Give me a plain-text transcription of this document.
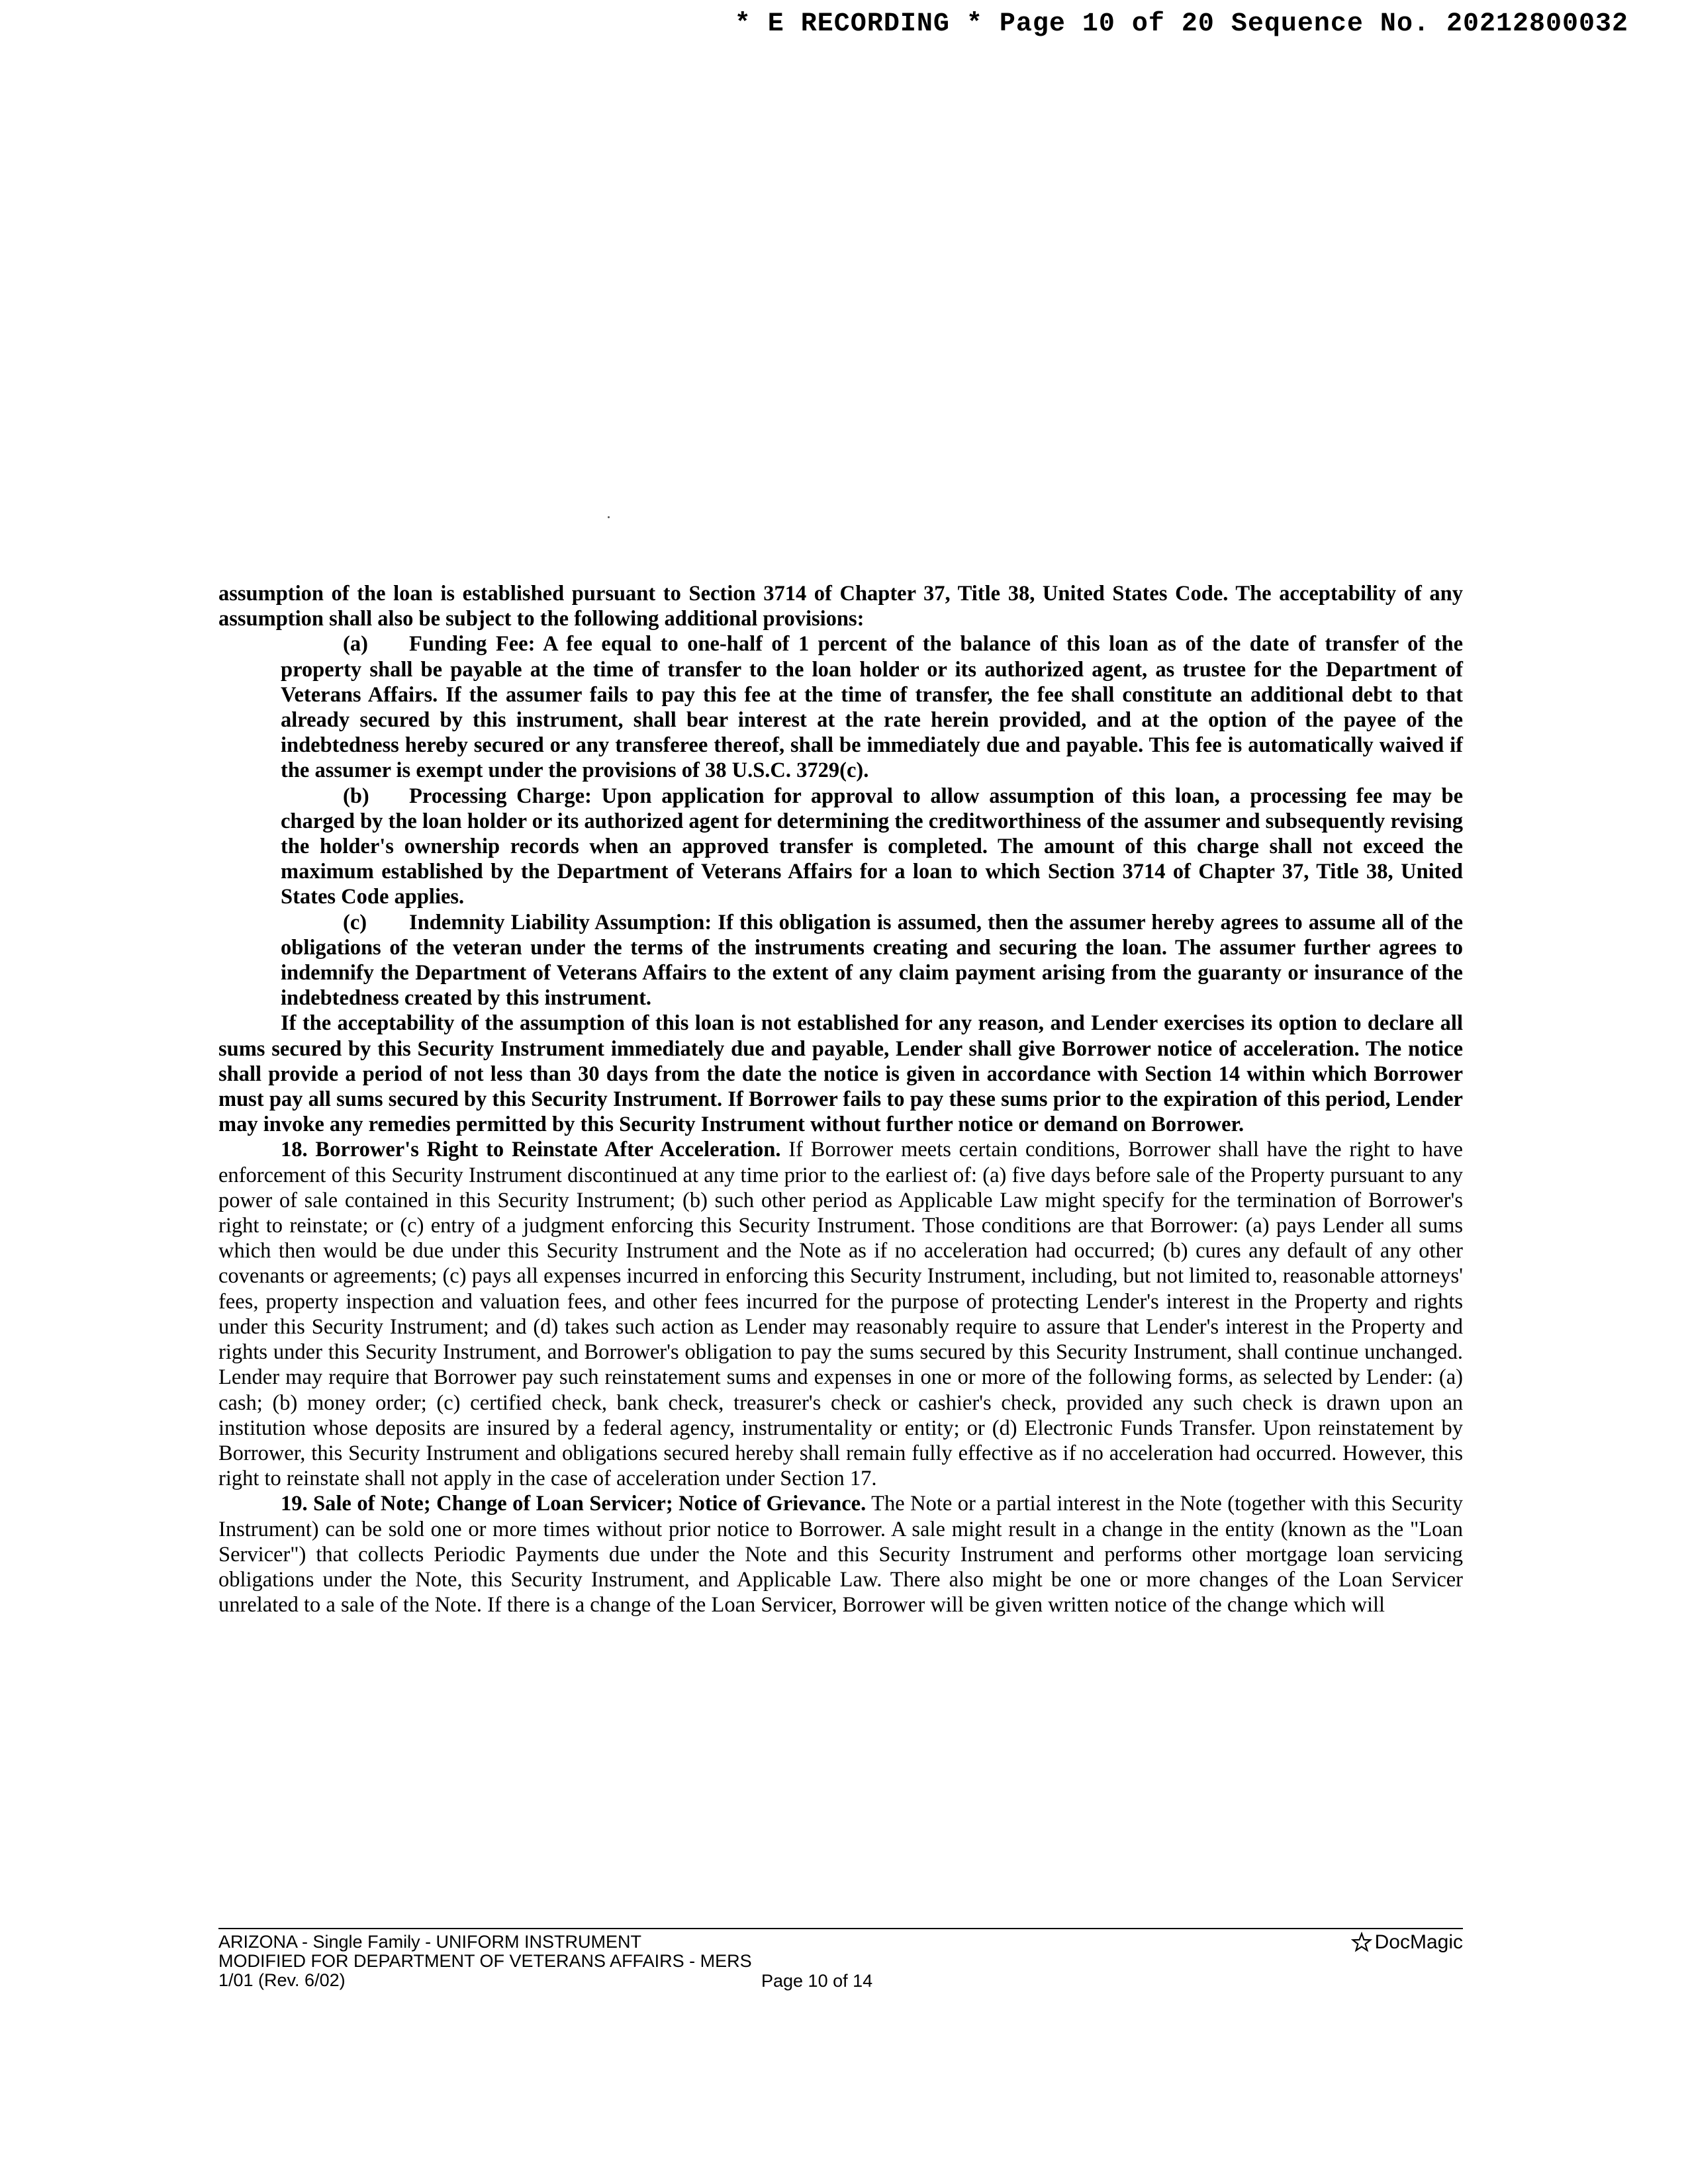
* E RECORDING * Page 10 of 20 Sequence No. 20212800032

assumption of the loan is established pursuant to Section 3714 of Chapter 37, Title 38, United States Code. The acceptability of any assumption shall also be subject to the following additional provisions:

(a) Funding Fee: A fee equal to one-half of 1 percent of the balance of this loan as of the date of transfer of the property shall be payable at the time of transfer to the loan holder or its authorized agent, as trustee for the Department of Veterans Affairs. If the assumer fails to pay this fee at the time of transfer, the fee shall constitute an additional debt to that already secured by this instrument, shall bear interest at the rate herein provided, and at the option of the payee of the indebtedness hereby secured or any transferee thereof, shall be immediately due and payable. This fee is automatically waived if the assumer is exempt under the provisions of 38 U.S.C. 3729(c).

(b) Processing Charge: Upon application for approval to allow assumption of this loan, a processing fee may be charged by the loan holder or its authorized agent for determining the creditworthiness of the assumer and subsequently revising the holder's ownership records when an approved transfer is completed. The amount of this charge shall not exceed the maximum established by the Department of Veterans Affairs for a loan to which Section 3714 of Chapter 37, Title 38, United States Code applies.

(c) Indemnity Liability Assumption: If this obligation is assumed, then the assumer hereby agrees to assume all of the obligations of the veteran under the terms of the instruments creating and securing the loan. The assumer further agrees to indemnify the Department of Veterans Affairs to the extent of any claim payment arising from the guaranty or insurance of the indebtedness created by this instrument.

If the acceptability of the assumption of this loan is not established for any reason, and Lender exercises its option to declare all sums secured by this Security Instrument immediately due and payable, Lender shall give Borrower notice of acceleration. The notice shall provide a period of not less than 30 days from the date the notice is given in accordance with Section 14 within which Borrower must pay all sums secured by this Security Instrument. If Borrower fails to pay these sums prior to the expiration of this period, Lender may invoke any remedies permitted by this Security Instrument without further notice or demand on Borrower.

18. Borrower's Right to Reinstate After Acceleration. If Borrower meets certain conditions, Borrower shall have the right to have enforcement of this Security Instrument discontinued at any time prior to the earliest of: (a) five days before sale of the Property pursuant to any power of sale contained in this Security Instrument; (b) such other period as Applicable Law might specify for the termination of Borrower's right to reinstate; or (c) entry of a judgment enforcing this Security Instrument. Those conditions are that Borrower: (a) pays Lender all sums which then would be due under this Security Instrument and the Note as if no acceleration had occurred; (b) cures any default of any other covenants or agreements; (c) pays all expenses incurred in enforcing this Security Instrument, including, but not limited to, reasonable attorneys' fees, property inspection and valuation fees, and other fees incurred for the purpose of protecting Lender's interest in the Property and rights under this Security Instrument; and (d) takes such action as Lender may reasonably require to assure that Lender's interest in the Property and rights under this Security Instrument, and Borrower's obligation to pay the sums secured by this Security Instrument, shall continue unchanged. Lender may require that Borrower pay such reinstatement sums and expenses in one or more of the following forms, as selected by Lender: (a) cash; (b) money order; (c) certified check, bank check, treasurer's check or cashier's check, provided any such check is drawn upon an institution whose deposits are insured by a federal agency, instrumentality or entity; or (d) Electronic Funds Transfer. Upon reinstatement by Borrower, this Security Instrument and obligations secured hereby shall remain fully effective as if no acceleration had occurred. However, this right to reinstate shall not apply in the case of acceleration under Section 17.

19. Sale of Note; Change of Loan Servicer; Notice of Grievance. The Note or a partial interest in the Note (together with this Security Instrument) can be sold one or more times without prior notice to Borrower. A sale might result in a change in the entity (known as the "Loan Servicer") that collects Periodic Payments due under the Note and this Security Instrument and performs other mortgage loan servicing obligations under the Note, this Security Instrument, and Applicable Law. There also might be one or more changes of the Loan Servicer unrelated to a sale of the Note. If there is a change of the Loan Servicer, Borrower will be given written notice of the change which will

ARIZONA - Single Family - UNIFORM INSTRUMENT
MODIFIED FOR DEPARTMENT OF VETERANS AFFAIRS - MERS
1/01 (Rev. 6/02)	Page 10 of 14
DocMagic
